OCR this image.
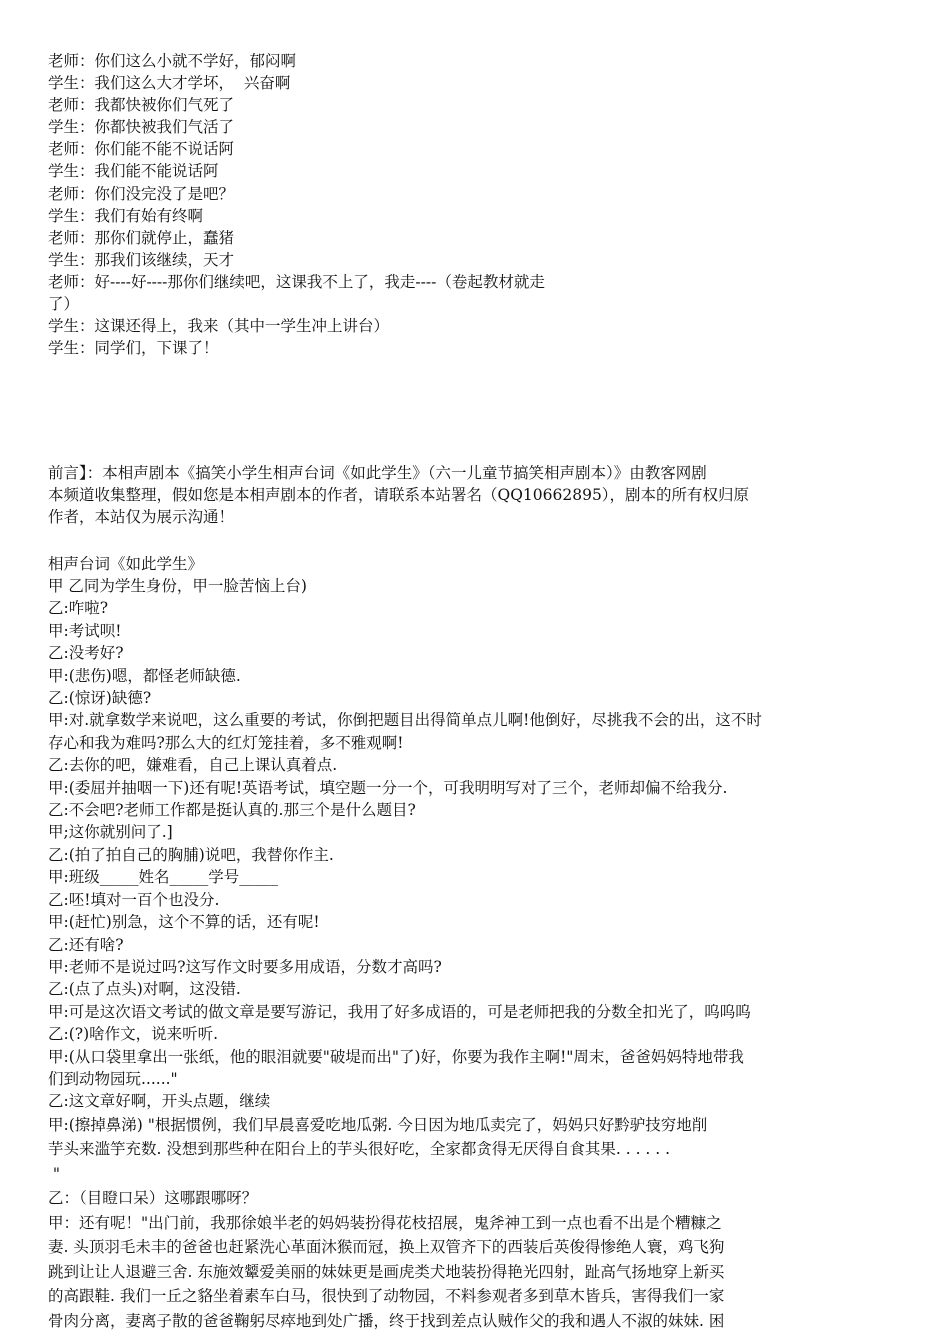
老师：你们这么小就不学好，郁闷啊
学生：我们这么大才学坏，  兴奋啊
老师：我都快被你们气死了
学生：你都快被我们气活了
老师：你们能不能不说话阿
学生：我们能不能说话阿
老师：你们没完没了是吧？
学生：我们有始有终啊
老师：那你们就停止，蠢猪
学生：那我们该继续，天才
老师：好----好----那你们继续吧，这课我不上了，我走----（卷起教材就走
了）
学生：这课还得上，我来（其中一学生冲上讲台）
学生：同学们，下课了！
前言】：本相声剧本《搞笑小学生相声台词《如此学生》（六一儿童节搞笑相声剧本）》由教客网剧
本频道收集整理，假如您是本相声剧本的作者，请联系本站署名（QQ10662895），剧本的所有权归原
作者，本站仅为展示沟通！
相声台词《如此学生》
甲 乙同为学生身份，甲一脸苦恼上台)
乙:咋啦?
甲:考试呗!
乙:没考好?
甲:(悲伤)嗯，都怪老师缺德.
乙:(惊讶)缺德?
甲:对.就拿数学来说吧，这么重要的考试，你倒把题目出得简单点儿啊!他倒好，尽挑我不会的出，这不时
存心和我为难吗?那么大的红灯笼挂着，多不雅观啊!
乙:去你的吧，嫌难看，自己上课认真着点.
甲:(委屈并抽咽一下)还有呢!英语考试，填空题一分一个，可我明明写对了三个，老师却偏不给我分.
乙:不会吧?老师工作都是挺认真的.那三个是什么题目?
甲;这你就别问了.]
乙:(拍了拍自己的胸脯)说吧，我替你作主.
甲:班级_____姓名_____学号_____
乙:呸!填对一百个也没分.
甲:(赶忙)别急，这个不算的话，还有呢!
乙:还有啥?
甲:老师不是说过吗?这写作文时要多用成语，分数才高吗?
乙:(点了点头)对啊，这没错.
甲:可是这次语文考试的做文章是要写游记，我用了好多成语的，可是老师把我的分数全扣光了，呜呜呜
乙:(?)啥作文，说来听听.
甲:(从口袋里拿出一张纸，他的眼泪就要"破堤而出"了)好，你要为我作主啊!"周末，爸爸妈妈特地带我
们到动物园玩......"
乙:这文章好啊，开头点题，继续
甲:(擦掉鼻涕) "根据惯例，我们早晨喜爱吃地瓜粥. 今日因为地瓜卖完了，妈妈只好黔驴技穷地削
芋头来滥竽充数. 没想到那些种在阳台上的芋头很好吃，全家都贪得无厌得自食其果. . . . . .
"
乙：（目瞪口呆）这哪跟哪呀？
甲：还有呢！"出门前，我那徐娘半老的妈妈装扮得花枝招展，鬼斧神工到一点也看不出是个糟糠之
妻. 头顶羽毛未丰的爸爸也赶紧洗心革面沐猴而冠，换上双管齐下的西装后英俊得惨绝人寰，鸡飞狗
跳到让让人退避三舍. 东施效颦爱美丽的妹妹更是画虎类犬地装扮得艳光四射，趾高气扬地穿上新买
的高跟鞋. 我们一丘之貉坐着素车白马，很快到了动物园，不料参观者多到草木皆兵，害得我们一家
骨肉分离，妻离子散的爸爸鞠躬尽瘁地到处广播，终于找到差点认贼作父的我和遇人不淑的妹妹. 困
